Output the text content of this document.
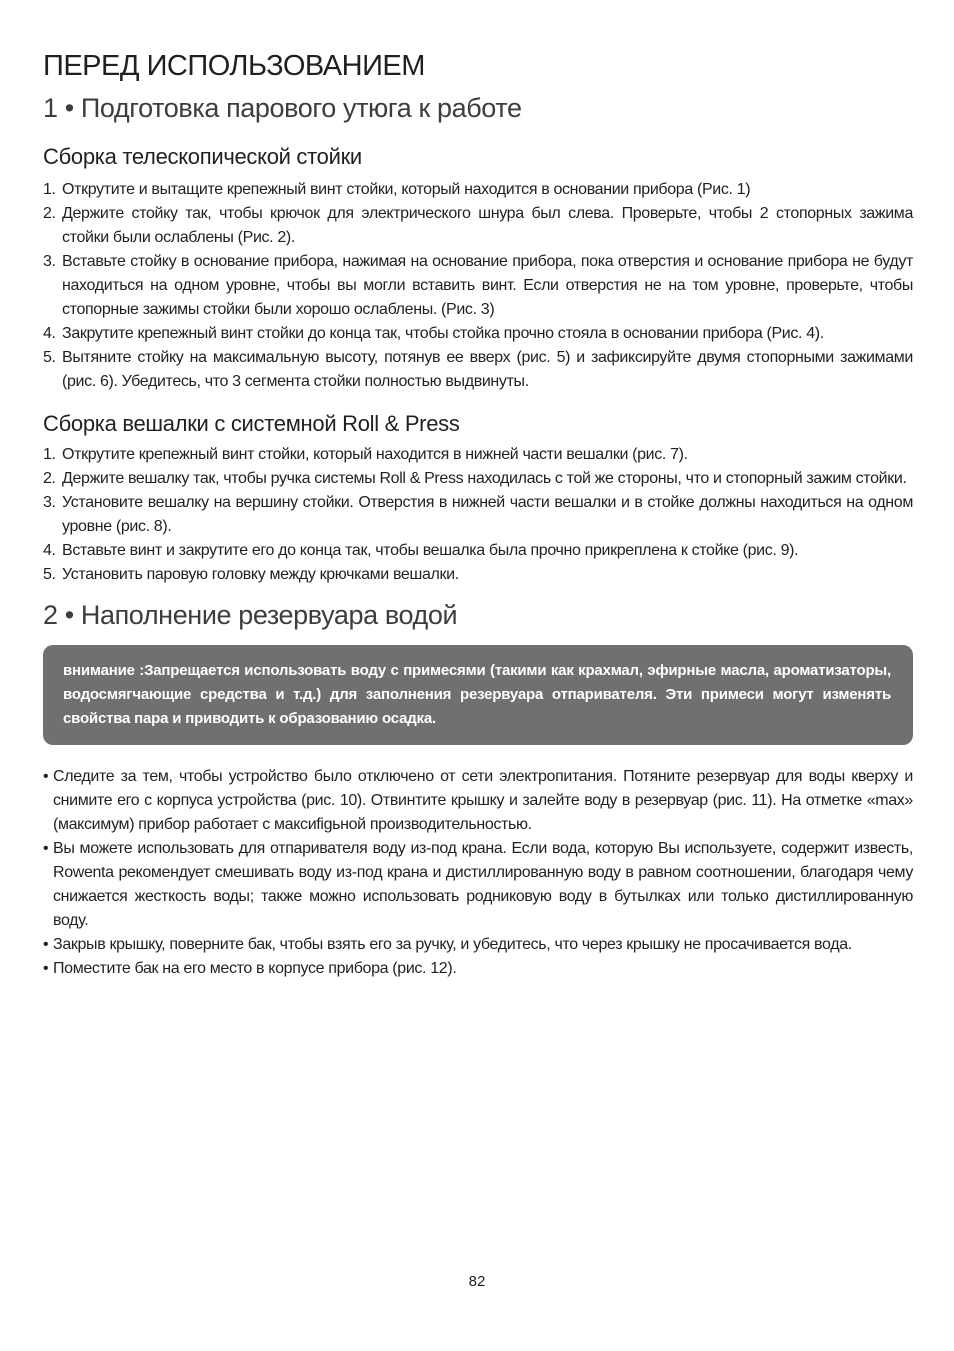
ПЕРЕД ИСПОЛЬЗОВАНИЕМ
1 • Подготовка парового утюга к работе
Сборка телескопической стойки
1. Открутите и вытащите крепежный винт стойки, который находится в основании прибора (Рис. 1)
2. Держите стойку так, чтобы крючок для электрического шнура был слева. Проверьте, чтобы 2 стопорных зажима стойки были ослаблены (Рис. 2).
3. Вставьте стойку в основание прибора, нажимая на основание прибора, пока отверстия и основание прибора не будут находиться на одном уровне, чтобы вы могли вставить винт. Если отверстия не на том уровне, проверьте, чтобы стопорные зажимы стойки были хорошо ослаблены. (Рис. 3)
4. Закрутите крепежный винт стойки до конца так, чтобы стойка прочно стояла в основании прибора (Рис. 4).
5. Вытяните стойку на максимальную высоту, потянув ее вверх (рис. 5) и зафиксируйте двумя стопорными зажимами (рис. 6). Убедитесь, что 3 сегмента стойки полностью выдвинуты.
Сборка вешалки с системной Roll & Press
1. Открутите крепежный винт стойки, который находится в нижней части вешалки (рис. 7).
2. Держите вешалку так, чтобы ручка системы Roll & Press находилась с той же стороны, что и стопорный зажим стойки.
3. Установите вешалку на вершину стойки. Отверстия в нижней части вешалки и в стойке должны находиться на одном уровне (рис. 8).
4. Вставьте винт и закрутите его до конца так, чтобы вешалка была прочно прикреплена к стойке (рис. 9).
5. Установить паровую головку между крючками вешалки.
2 • Наполнение резервуара водой
внимание :Запрещается использовать воду с примесями (такими как крахмал, эфирные масла, ароматизаторы, водосмягчающие средства и т.д.) для заполнения резервуара отпаривателя. Эти примеси могут изменять свойства пара и приводить к образованию осадка.
• Следите за тем, чтобы устройство было отключено от сети электропитания. Потяните резервуар для воды кверху и снимите его с корпуса устройства (рис. 10). Отвинтите крышку и залейте воду в резервуар (рис. 11). На отметке «max» (максимум) прибор работает с максиfigьной производительностью.
• Вы можете использовать для отпаривателя воду из-под крана. Если вода, которую Вы используете, содержит известь, Rowenta рекомендует смешивать воду из-под крана и дистиллированную воду в равном соотношении, благодаря чему снижается жесткость воды; также можно использовать родниковую воду в бутылках или только дистиллированную воду.
• Закрыв крышку, поверните бак, чтобы взять его за ручку, и убедитесь, что через крышку не просачивается вода.
• Поместите бак на его место в корпусе прибора (рис. 12).
82
